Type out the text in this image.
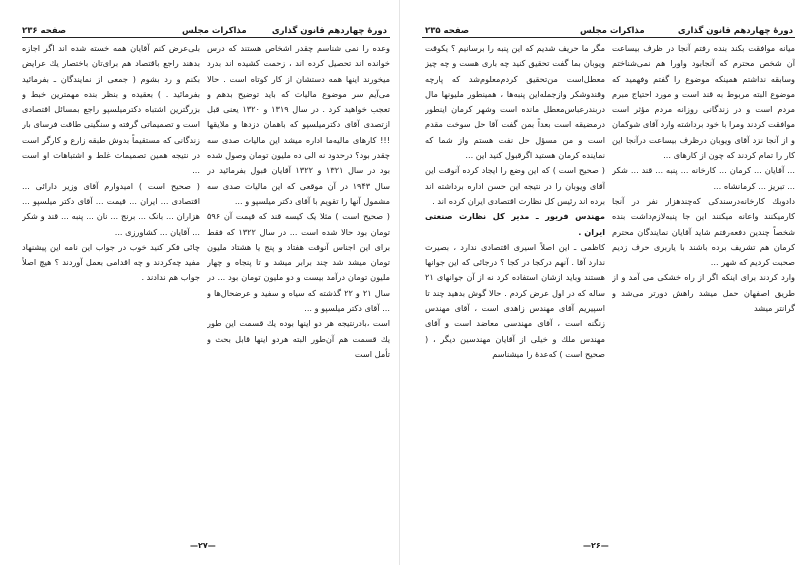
صفحه ۲۳۶	مذاکرات مجلس	دورهٔ چهاردهم قانون گذاری

وعده را نمی شناسم چقدر اشخاص هستند که درس خوانده اند تحصیل کرده اند ، زحمت کشیده اند بدرد میخورند اینها همه دستشان از کار کوتاه است . حالا می‌آیم سر موضوع مالیات که باید توضیح بدهم و تعجب خواهید کرد . در سال ۱۳۱۹ و ۱۳۲۰ یعنی قبل ازتصدی آقای دکترمیلسپو که باهمان دزدها و ملایقها !!! کارهای مالیه‌ما اداره میشد این مالیات صدی سه چقدر بود؟ درحدود نه الی ده ملیون تومان وصول شده بود در سال ۱۳۲۱ و ۱۳۲۲ آقایان قبول بفرمائید در سال ۱۹۴۳ در آن موقعی که این مالیات صدی سه مشمول آنها را تقویم با آقای دکتر میلسپو و ...

( صحیح است ) مثلا یک کیسه قند که قیمت آن ۵۹۶ تومان بود حالا شده است ... در سال ۱۳۲۲ که فقط برای این اجناس آنوقت هفتاد و پنج یا هشتاد ملیون تومان میشد شد چند برابر میشد و تا پنجاه و چهار ملیون تومان درآمد بیست و دو ملیون تومان بود ... در سال ۲۱ و ۲۲ گذشته که سیاه و سفید و عرضحال‌ها و ... آقای دکتر میلسپو و ...

است ،بادرنتیجه هر دو اینها بوده یك قسمت این طور یك قسمت هم آن‌طور البته هردو اینها قابل بحث و تأمل است

بلی‌عرض کنم آقایان همه خسته شده اند اگر اجازه بدهند راجع باقتصاد هم برای‌تان باختصار یك عرایض بکنم و رد بشوم ( جمعی از نمایندگان ـ بفرمائید بفرمائید . ) بعقیده و بنظر بنده مهمترین خبط و بزرگترین اشتباه دکترمیلسپو راجع بمسائل اقتصادی است و تصمیماتی گرفته و سنگینی طاقت فرسای بار زندگانی که مستقیماً بدوش طبقه زارع و کارگر است در نتیجه همین تصمیمات غلط و اشتباهات او است ...

( صحیح است ) امیدوارم آقای وزیر دارائی ... اقتصادی ... ایران ... قیمت ... آقای دکتر میلسپو ... هزاران ... بانک ... برنج ... نان ... پنبه ... قند و شکر ... آقایان ... کشاورزی ...

چائی فکر کنید خوب در جواب این نامه این پیشنهاد مفید چه‌کردند و چه اقدامی بعمل آوردند ؟ هیچ اصلاً جواب هم ندادند .

—۲۷—
صفحه ۲۳۵	مذاکرات مجلس	دورهٔ چهاردهم قانون گذاری

میانه موافقت بکند بنده رفتم آنجا در ظرف بیساعت آن شخص محترم که آنجابود واورا هم نمی‌شناختم وسابقه نداشتم همینکه موضوع را گفتم وفهمید که موضوع البته مربوط به قند است و مورد احتیاج مبرم مردم است و در زندگانی روزانه مردم مؤثر است موافقت کردند ومرا با خود برداشته وارد آقای شوکمان و از آنجا نزد آقای ویوبان درظرف بیساعت درآنجا این کار را تمام کردند که چون از کارهای ...

... آقایان ... کرمان ... کارخانه ... پنبه ... قند ... شکر ... تبریز ... کرمانشاه ...

دادوبك كارخانه‌درسندكى که‌چندهزار نفر در آنجا کارمیکنند واعانه میکنند این جا پنبه‌لازم‌داشت بنده شخصاً چندین دفعه‌رفتم شاید آقایان نمایندگان محترم کرمان هم تشریف برده باشند با یاربری حرف زدیم صحبت کردیم که شهر ...

وارد کردند برای اینکه اگر از راه خشکی می آمد و از طریق اصفهان حمل میشد راهش دورتر می‌شد و گرانتر میشد

مگر ما حریف شدیم که این پنبه را برسانیم ؟ یکوقت ویوبان بما گفت تحقیق کنید چه باری هست و چه چیز معطل‌است من‌تحقیق کردم‌معلوم‌شد که پارچه وقندوشکر وازجمله‌این پنبه‌ها ، همینطور ملیونها مال دربندرعباس‌معطل مانده است وشهر کرمان اینطور درمضیقه است بعداً بمن گفت آقا حل سوخت مقدم است و من مسؤل حل نفت هستم واز شما که نماینده کرمان هستید اگرقبول کنید این ...

( صحیح است ) که این وضع را ایجاد کرده آنوقت این آقای ویوبان را در نتیجه این حسن اداره برداشته اند برده اند رئیس کل نظارت اقتصادی ایران کرده اند .

مهندس فریور ـ مدیر کل نظارت صنعتی ایران .

کاظمی ـ این اصلاً اسیری اقتصادی ندارد ، بصیرت ندارد آقا . آنهم درکجا در کجا ؟ درجائی که این جوانها هستند وباید ازشان استفاده کرد نه از آن جوانهای ۲۱ ساله که در اول عرض کردم . حالا گوش بدهید چند تا اسپیریم آقای مهندس زاهدی است ، آقای مهندس زنگنه است ، آقای مهندسی معاضد است و آقای مهندس ملك و خیلی از آقایان مهندسین دیگر ، ( صحیح است ) که‌عدهٔ را میشناسم

—۲۶—
